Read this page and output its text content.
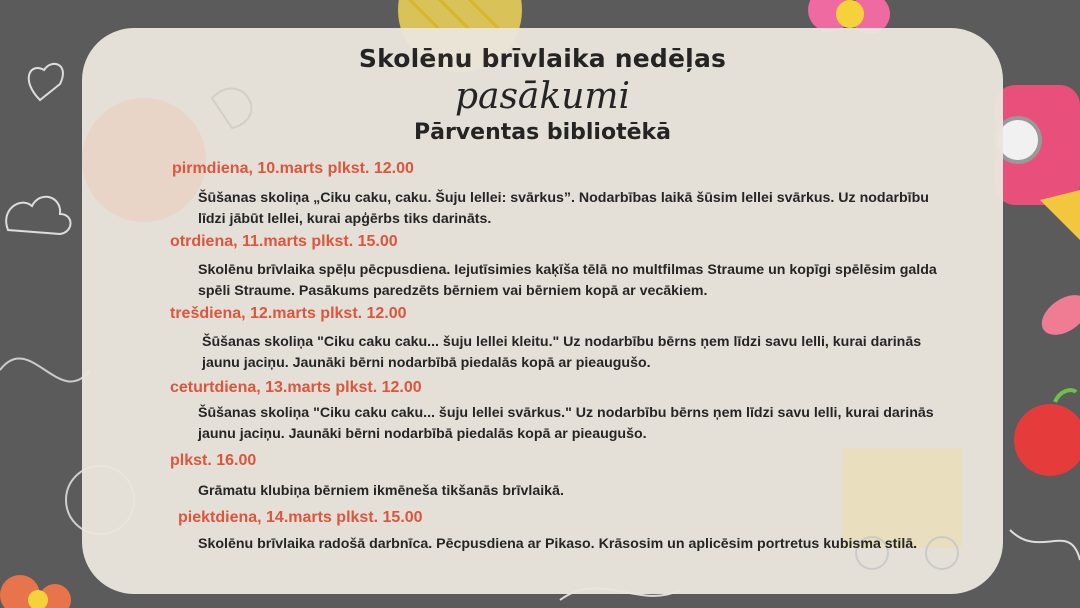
Skolēnu brīvlaika nedēļas
pasākumi
Pārventas bibliotēkā
pirmdiena, 10.marts plkst. 12.00
Šūšanas skoliņa „Ciku caku, caku. Šuju lellei: svārkus”. Nodarbības laikā šūsim lellei svārkus. Uz nodarbību līdzi jābūt lellei, kurai apģērbs tiks darināts.
otrdiena, 11.marts plkst. 15.00
Skolēnu brīvlaika spēļu pēcpusdiena. Iejutīsimies kaķīša tēlā no multfilmas Straume un kopīgi spēlēsim galda spēli Straume. Pasākums paredzēts bērniem vai bērniem kopā ar vecākiem.
trešdiena, 12.marts plkst. 12.00
Šūšanas skoliņa "Ciku caku caku... šuju lellei kleitu." Uz nodarbību bērns ņem līdzi savu lelli, kurai darinās jaunu jaciņu. Jaunāki bērni nodarbībā piedalās kopā ar pieaugušo.
ceturtdiena, 13.marts plkst. 12.00
Šūšanas skoliņa "Ciku caku caku... šuju lellei svārkus." Uz nodarbību bērns ņem līdzi savu lelli, kurai darinās jaunu jaciņu. Jaunāki bērni nodarbībā piedalās kopā ar pieaugušo.
plkst. 16.00
Grāmatu klubiņa bērniem ikmēneša tikšanās brīvlaikā.
piektdiena, 14.marts plkst. 15.00
Skolēnu brīvlaika radošā darbnīca. Pēcpusdiena ar Pikaso. Krāsosim un aplicēsim portretus kubisma stilā.
